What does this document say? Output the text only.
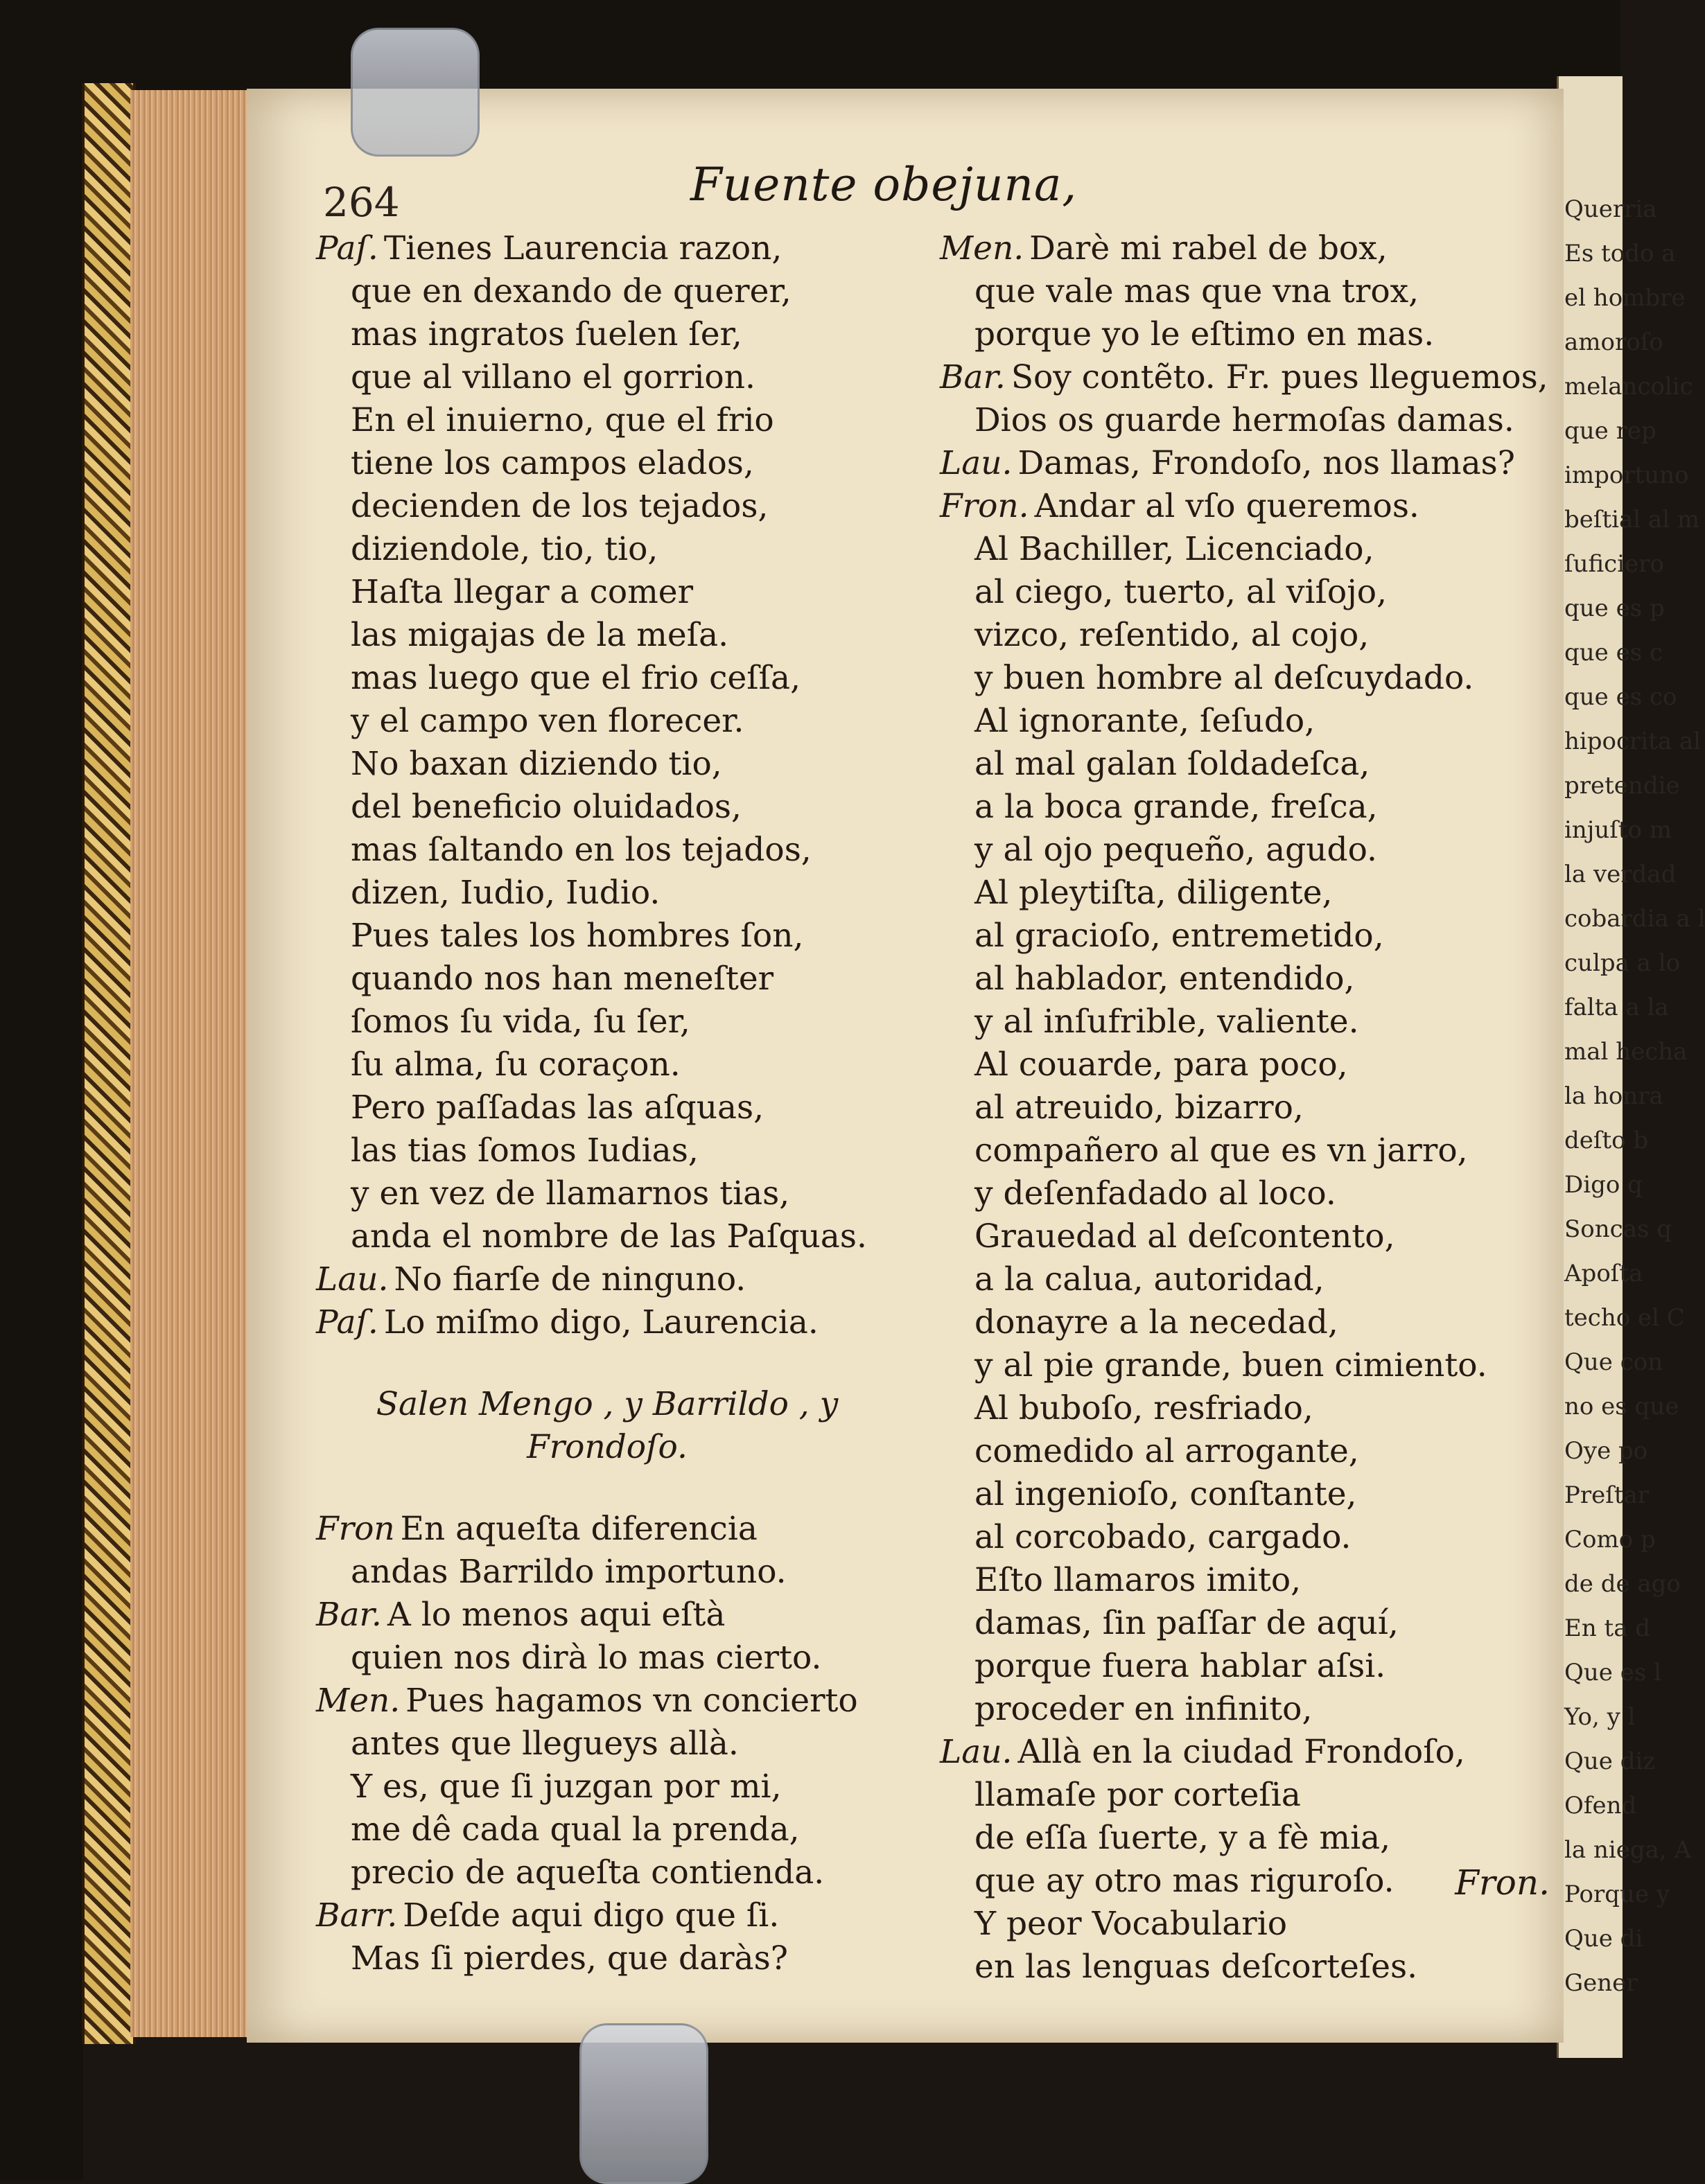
Querria
Es todo a
el hombre
amoroſo
melancolic
que rep
importuno
beſtial al m
ſuficiero
que es p
que es c
que es co
hipocrita al
pretendie
injuſto m
la verdad
cobardia a l
culpa a lo
falta a la
mal hecha
la honra
deſto b
Digo q
Soncas q
Apoſta
techo el C
Que con
no es que
Oye po
Preſtar
Como p
de de ago
En ta d
Que es l
Yo, y l
Que diz
Ofend
la niega, A
Porque y
Que di
Gener
264	Fuente obejuna,
Paſ. Tienes Laurencia razon,
que en dexando de querer,
mas ingratos ſuelen ſer,
que al villano el gorrion.
En el inuierno, que el frio
tiene los campos elados,
decienden de los tejados,
diziendole, tio, tio,
Haſta llegar a comer
las migajas de la meſa.
mas luego que el frio ceſſa,
y el campo ven florecer.
No baxan diziendo tio,
del beneficio oluidados,
mas ſaltando en los tejados,
dizen, Iudio, Iudio.
Pues tales los hombres ſon,
quando nos han meneſter
ſomos ſu vida, ſu ſer,
ſu alma, ſu coraçon.
Pero paſſadas las aſquas,
las tias ſomos Iudias,
y en vez de llamarnos tias,
anda el nombre de las Paſquas.
Lau. No fiarſe de ninguno.
Paſ. Lo miſmo digo, Laurencia.
Salen Mengo , y Barrildo , y
Frondoſo.
Fron En aqueſta diferencia
andas Barrildo importuno.
Bar. A lo menos aqui eſtà
quien nos dirà lo mas cierto.
Men. Pues hagamos vn concierto
antes que llegueys allà.
Y es, que ſi juzgan por mi,
me dê cada qual la prenda,
precio de aqueſta contienda.
Barr. Deſde aqui digo que ſi.
Mas ſi pierdes, que daràs?
Men. Darè mi rabel de box,
que vale mas que vna trox,
porque yo le eſtimo en mas.
Bar. Soy contẽto. Fr. pues lleguemos,
Dios os guarde hermoſas damas.
Lau. Damas, Frondoſo, nos llamas?
Fron. Andar al vſo queremos.
Al Bachiller, Licenciado,
al ciego, tuerto, al viſojo,
vizco, reſentido, al cojo,
y buen hombre al deſcuydado.
Al ignorante, ſeſudo,
al mal galan ſoldadeſca,
a la boca grande, freſca,
y al ojo pequeño, agudo.
Al pleytiſta, diligente,
al gracioſo, entremetido,
al hablador, entendido,
y al inſufrible, valiente.
Al couarde, para poco,
al atreuido, bizarro,
compañero al que es vn jarro,
y deſenfadado al loco.
Grauedad al deſcontento,
a la calua, autoridad,
donayre a la necedad,
y al pie grande, buen cimiento.
Al buboſo, resfriado,
comedido al arrogante,
al ingenioſo, conſtante,
al corcobado, cargado.
Eſto llamaros imito,
damas, ſin paſſar de aquí,
porque fuera hablar aſsi.
proceder en infinito,
Lau. Allà en la ciudad Frondoſo,
llamaſe por corteſia
de eſſa ſuerte, y a fè mia,
que ay otro mas riguroſo.
Y peor Vocabulario
en las lenguas deſcorteſes.
Fron.
